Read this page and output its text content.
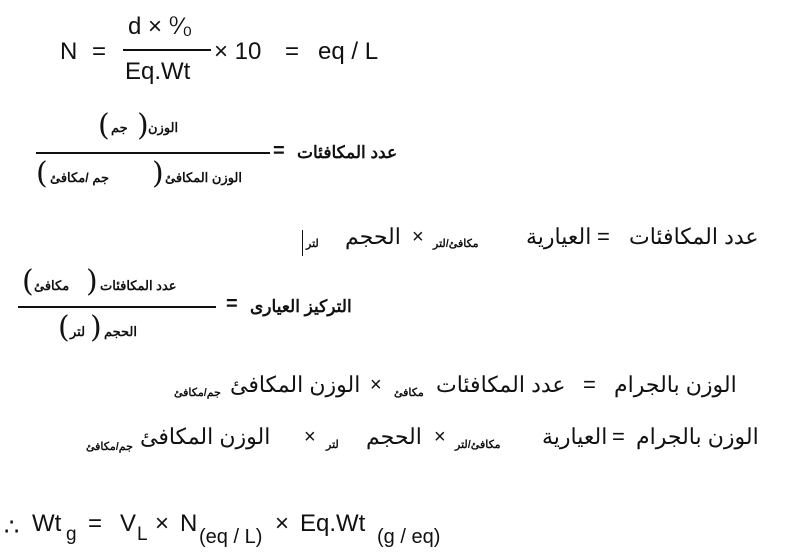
N =
d × ⁰⁄₀
Eq.Wt
× 10 = eq / L
( جم ) الوزن
( جم /مكافئ ) الوزن المكافئ
= عدد المكافئات
لتر الحجم × مكافئ/لتر العيارية = عدد المكافئات
( مكافئ ) عدد المكافئات
( لتر ) الحجم
= التركيز العيارى
جم/مكافئ الوزن المكافئ × مكافئ عدد المكافئات = الوزن بالجرام
جم/مكافئ الوزن المكافئ × لتر الحجم × مكافئ/لتر العيارية = الوزن بالجرام
∴ Wt g = V L × N (eq / L) × Eq.Wt (g / eq)
